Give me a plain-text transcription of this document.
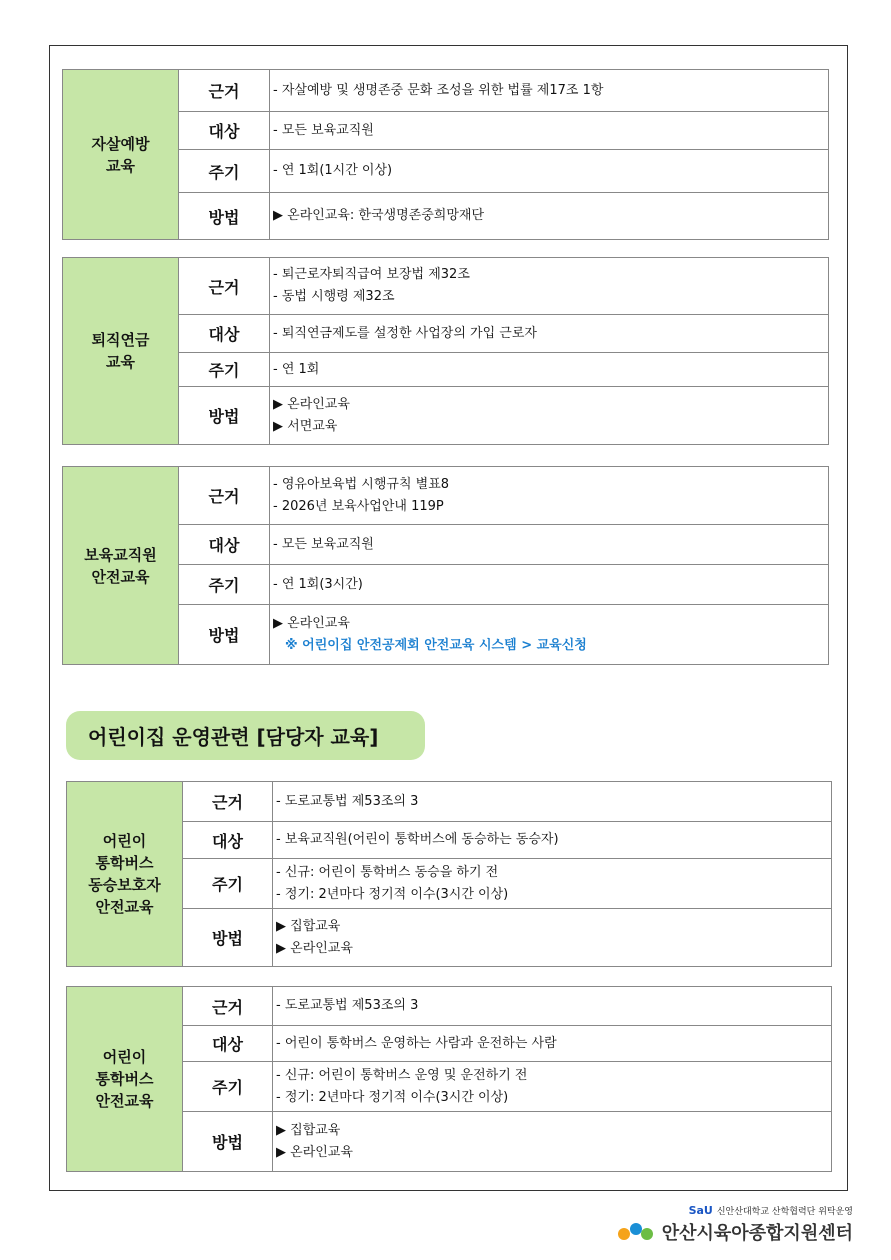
자살예방
교육	근거	- 자살예방 및 생명존중 문화 조성을 위한 법률 제17조 1항

	대상	- 모든 보육교직원

	주기	- 연 1회(1시간 이상)

	방법	▶ 온라인교육: 한국생명존중희망재단
퇴직연금
교육	근거	- 퇴근로자퇴직급여 보장법 제32조
- 동법 시행령 제32조

	대상	- 퇴직연금제도를 설정한 사업장의 가입 근로자

	주기	- 연 1회

	방법	▶ 온라인교육
▶ 서면교육
보육교직원
안전교육	근거	- 영유아보육법 시행규칙 별표8
- 2026년 보육사업안내 119P

	대상	- 모든 보육교직원

	주기	- 연 1회(3시간)

	방법	▶ 온라인교육
※ 어린이집 안전공제회 안전교육 시스템 > 교육신청
어린이집 운영관련 [담당자 교육]
어린이
통학버스
동승보호자
안전교육	근거	- 도로교통법 제53조의 3

	대상	- 보육교직원(어린이 통학버스에 동승하는 동승자)

	주기	- 신규: 어린이 통학버스 동승을 하기 전
- 정기: 2년마다 정기적 이수(3시간 이상)

	방법	▶ 집합교육
▶ 온라인교육
어린이
통학버스
안전교육	근거	- 도로교통법 제53조의 3

	대상	- 어린이 통학버스 운영하는 사람과 운전하는 사람

	주기	- 신규: 어린이 통학버스 운영 및 운전하기 전
- 정기: 2년마다 정기적 이수(3시간 이상)

	방법	▶ 집합교육
▶ 온라인교육
SaU 신안산대학교 산학협력단 위탁운영
안산시육아종합지원센터
